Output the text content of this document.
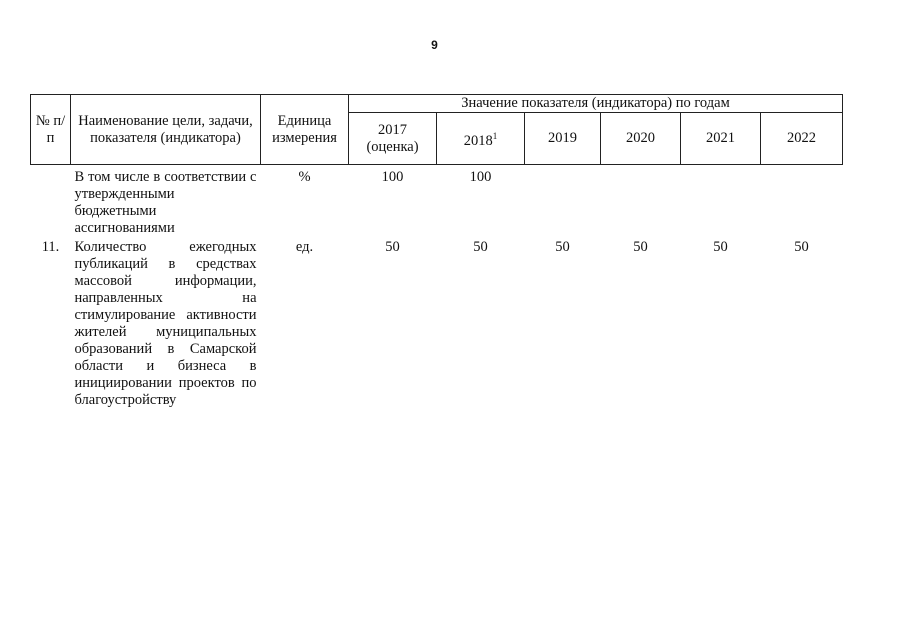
9
№ п/п	Наименование цели, задачи, показателя (индикатора)	Единица измерения	Значение показателя (индикатора) по годам					
			2017 (оценка)	2018$^1$	2019	2020	2021	2022
	В том числе в соответствии с утвержденными бюджетными ассигнованиями	%	100	100				
11.	Количество ежегодных публикаций в средствах массовой информации, направленных на стимулирование активности жителей муниципальных образований в Самарской области и бизнеса в инициировании проектов по благоустройству	ед.	50	50	50	50	50	50
